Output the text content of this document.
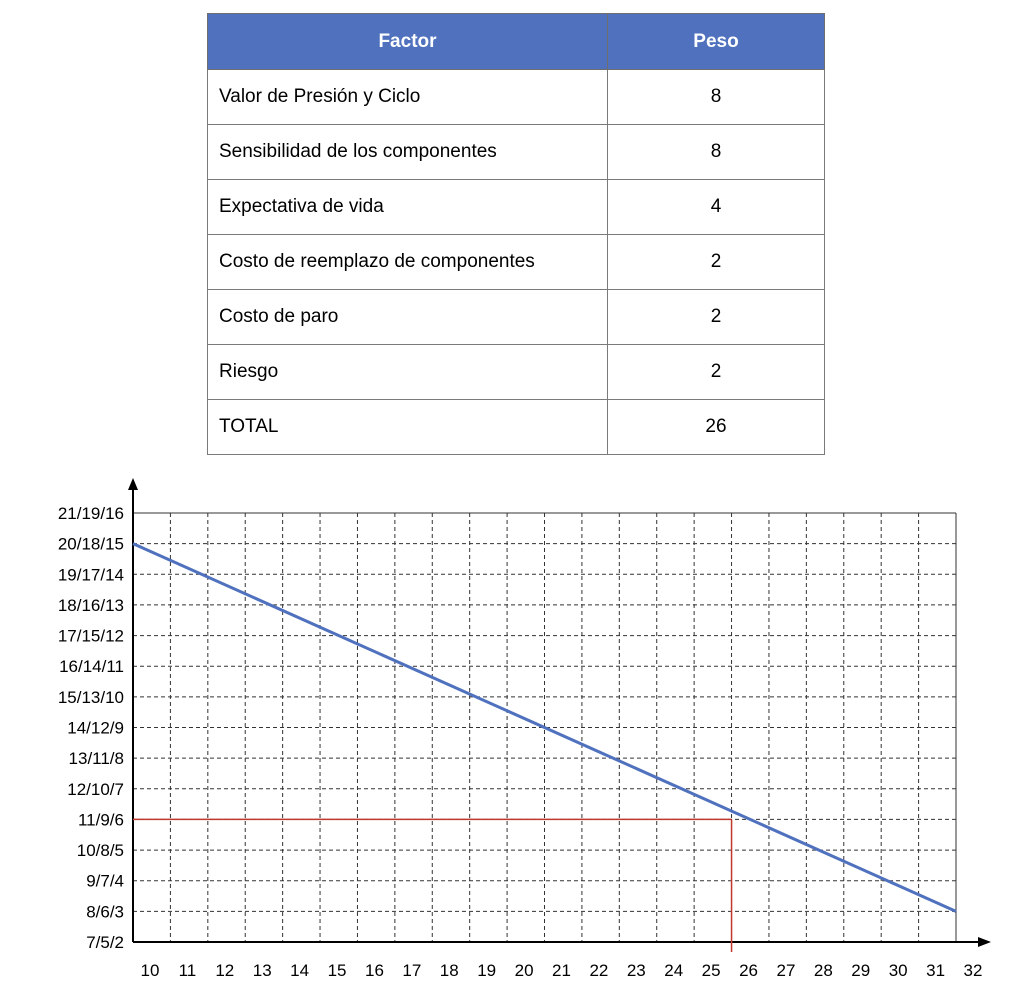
Factor	Peso
Valor de Presión y Ciclo	8
Sensibilidad de los componentes	8
Expectativa de vida	4
Costo de reemplazo de componentes	2
Costo de paro	2
Riesgo	2
TOTAL	26
7/5/2
8/6/3
9/7/4
10/8/5
11/9/6
12/10/7
13/11/8
14/12/9
15/13/10
16/14/11
17/15/12
18/16/13
19/17/14
20/18/15
21/19/16
10 11 12 13 14 15 16 17 18 19 20 21 22 23 24 25 26 27 28 29 30 31 32
